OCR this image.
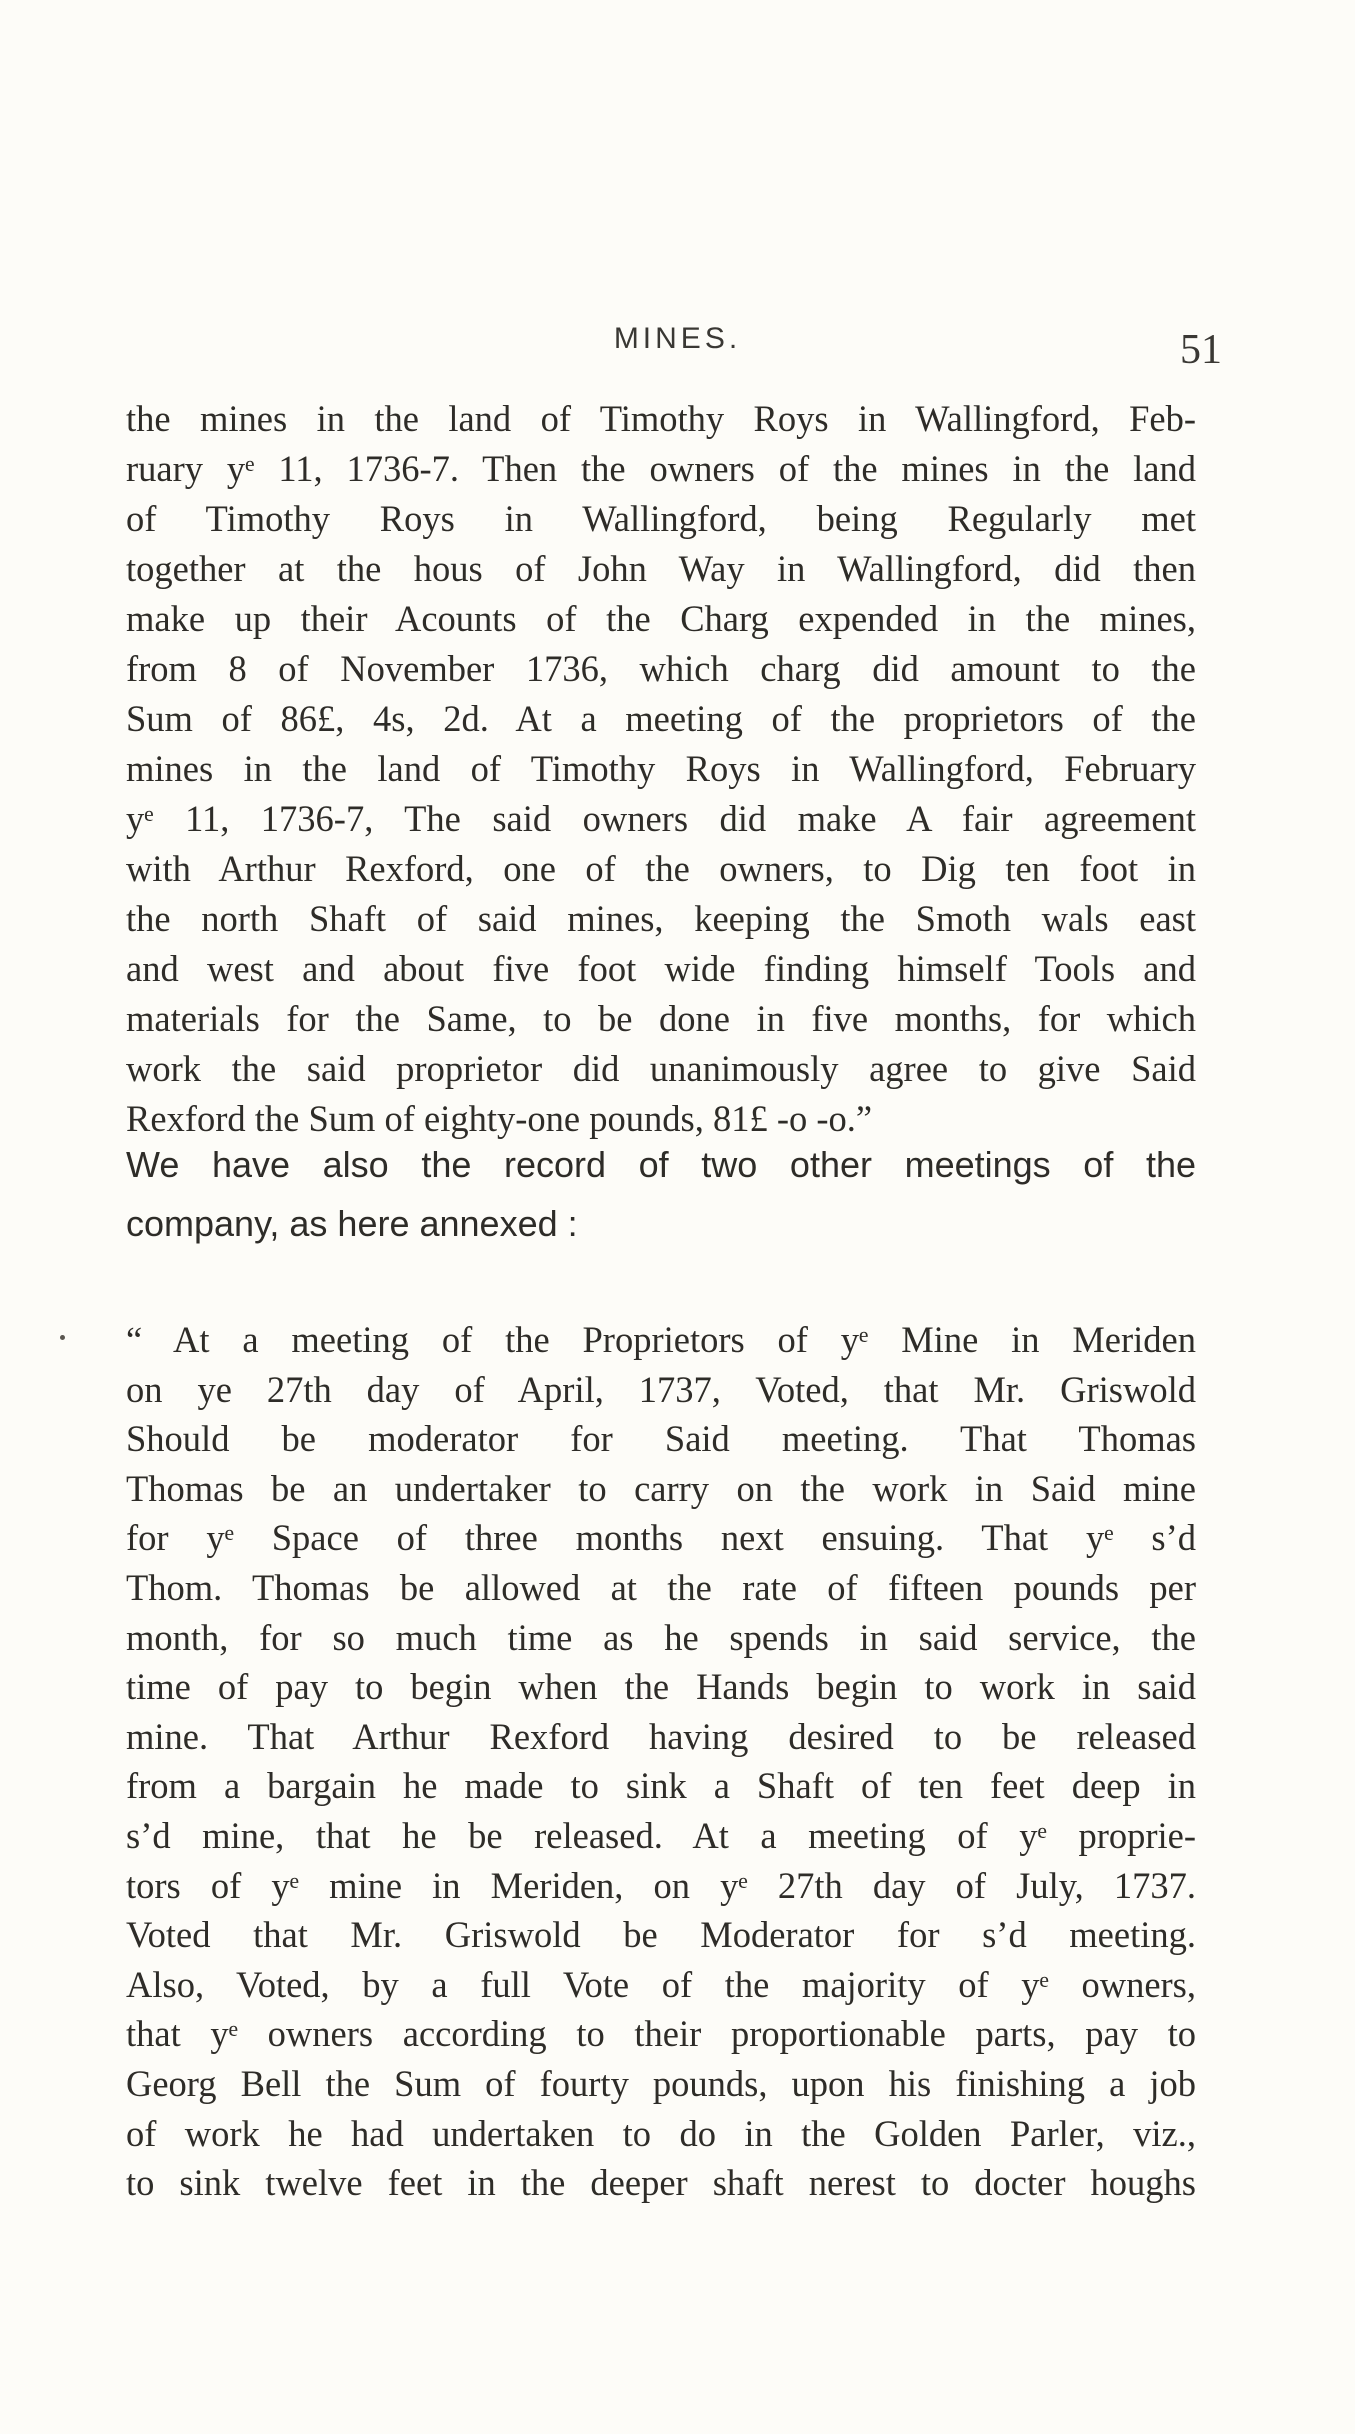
MINES.	51
the mines in the land of Timothy Roys in Wallingford, Feb-
ruary yᵉ 11, 1736-7. Then the owners of the mines in the land
of Timothy Roys in Wallingford, being Regularly met
together at the hous of John Way in Wallingford, did then
make up their Acounts of the Charg expended in the mines,
from 8 of November 1736, which charg did amount to the
Sum of 86£, 4s, 2d. At a meeting of the proprietors of the
mines in the land of Timothy Roys in Wallingford, February
yᵉ 11, 1736-7, The said owners did make A fair agreement
with Arthur Rexford, one of the owners, to Dig ten foot in
the north Shaft of said mines, keeping the Smoth wals east
and west and about five foot wide finding himself Tools and
materials for the Same, to be done in five months, for which
work the said proprietor did unanimously agree to give Said
Rexford the Sum of eighty-one pounds, 81£ -o -o.”
We have also the record of two other meetings of the
company, as here annexed :
“ At a meeting of the Proprietors of yᵉ Mine in Meriden
on ye 27th day of April, 1737, Voted, that Mr. Griswold
Should be moderator for Said meeting. That Thomas
Thomas be an undertaker to carry on the work in Said mine
for yᵉ Space of three months next ensuing. That yᵉ s’d
Thom. Thomas be allowed at the rate of fifteen pounds per
month, for so much time as he spends in said service, the
time of pay to begin when the Hands begin to work in said
mine. That Arthur Rexford having desired to be released
from a bargain he made to sink a Shaft of ten feet deep in
s’d mine, that he be released. At a meeting of yᵉ proprie-
tors of yᵉ mine in Meriden, on yᵉ 27th day of July, 1737.
Voted that Mr. Griswold be Moderator for s’d meeting.
Also, Voted, by a full Vote of the majority of yᵉ owners,
that yᵉ owners according to their proportionable parts, pay to
Georg Bell the Sum of fourty pounds, upon his finishing a job
of work he had undertaken to do in the Golden Parler, viz.,
to sink twelve feet in the deeper shaft nerest to docter houghs
